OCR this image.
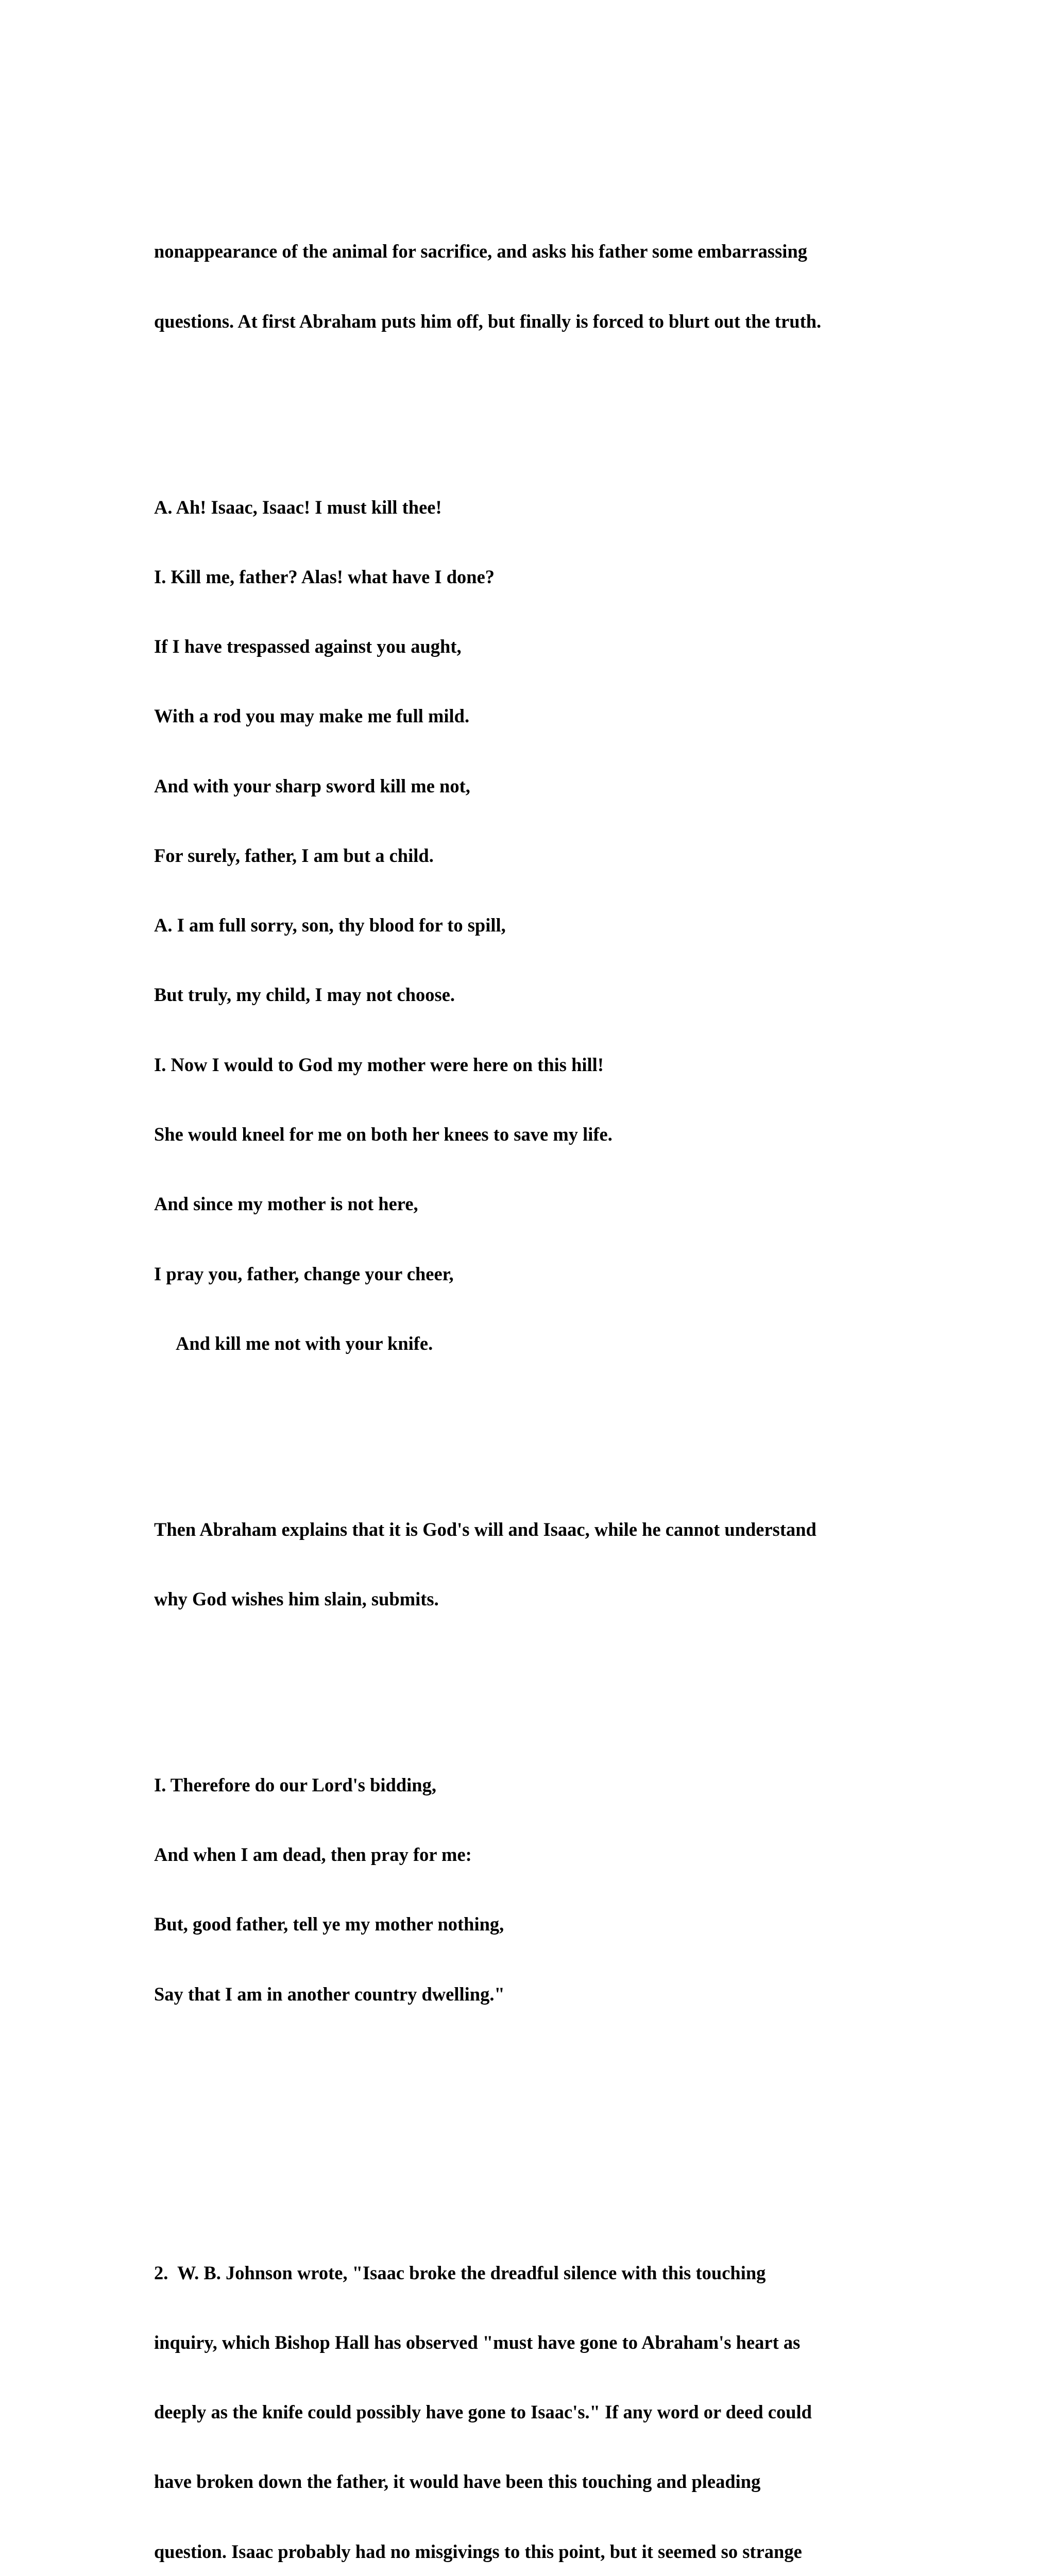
nonappearance of the animal for sacrifice, and asks his father some embarrassing

questions. At first Abraham puts him off, but finally is forced to blurt out the truth.

A. Ah! Isaac, Isaac! I must kill thee!

I. Kill me, father? Alas! what have I done?

If I have trespassed against you aught,

With a rod you may make me full mild.

And with your sharp sword kill me not,

For surely, father, I am but a child.

A. I am full sorry, son, thy blood for to spill,

But truly, my child, I may not choose.

I. Now I would to God my mother were here on this hill!

She would kneel for me on both her knees to save my life.

And since my mother is not here,

I pray you, father, change your cheer,

And kill me not with your knife.

Then Abraham explains that it is God's will and Isaac, while he cannot understand

why God wishes him slain, submits.

I. Therefore do our Lord's bidding,

And when I am dead, then pray for me:

But, good father, tell ye my mother nothing,

Say that I am in another country dwelling."

2.  W. B. Johnson wrote, "Isaac broke the dreadful silence with this touching

inquiry, which Bishop Hall has observed "must have gone to Abraham's heart as

deeply as the knife could possibly have gone to Isaac's." If any word or deed could

have broken down the father, it would have been this touching and pleading

question. Isaac probably had no misgivings to this point, but it seemed so strange
